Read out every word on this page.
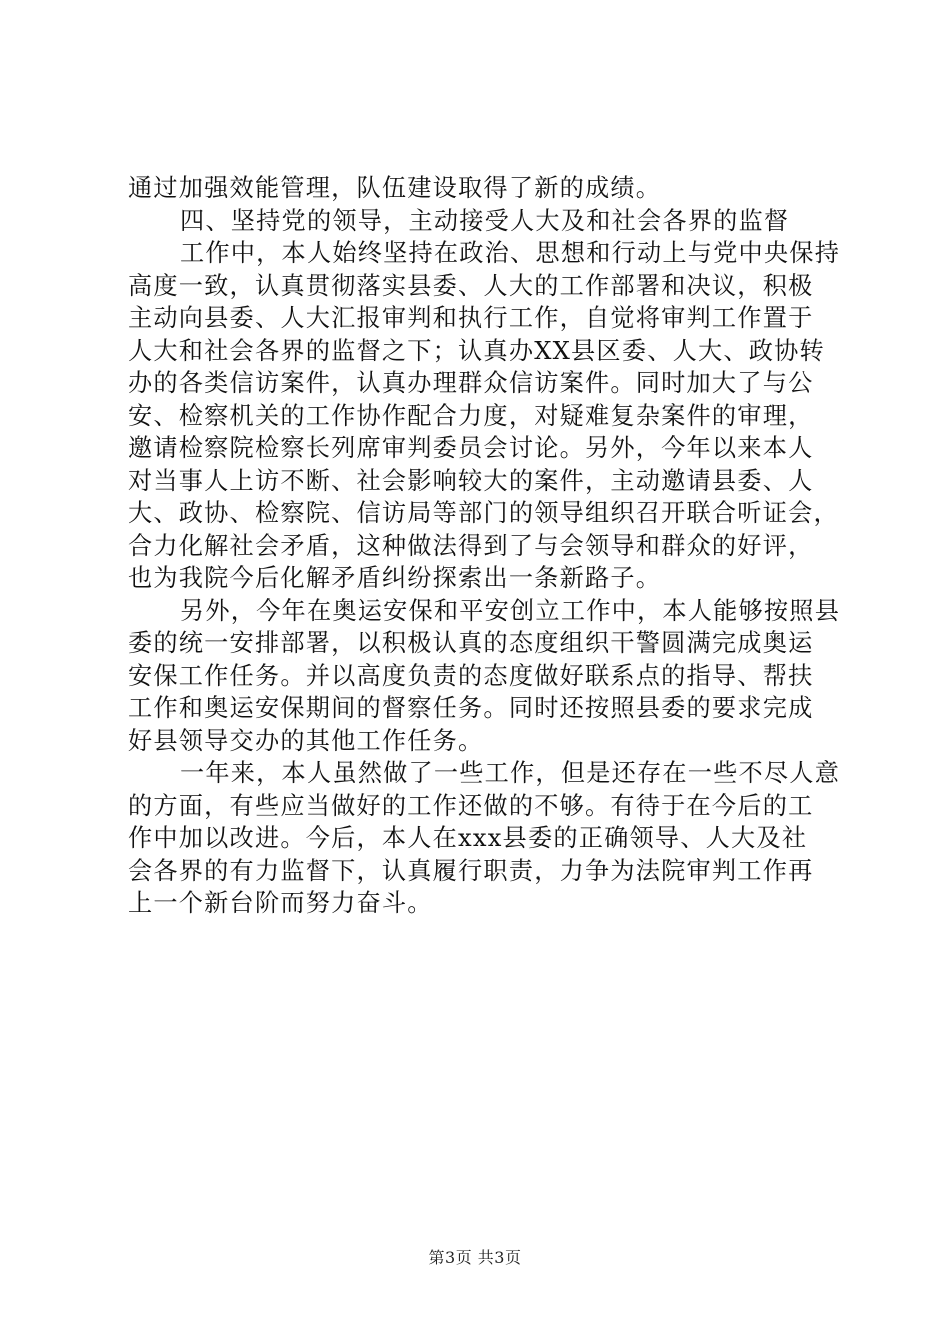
通过加强效能管理，队伍建设取得了新的成绩。
四、坚持党的领导，主动接受人大及和社会各界的监督
工作中，本人始终坚持在政治、思想和行动上与党中央保持
高度一致，认真贯彻落实县委、人大的工作部署和决议，积极
主动向县委、人大汇报审判和执行工作，自觉将审判工作置于
人大和社会各界的监督之下；认真办XX县区委、人大、政协转
办的各类信访案件，认真办理群众信访案件。同时加大了与公
安、检察机关的工作协作配合力度，对疑难复杂案件的审理，
邀请检察院检察长列席审判委员会讨论。另外，今年以来本人
对当事人上访不断、社会影响较大的案件，主动邀请县委、人
大、政协、检察院、信访局等部门的领导组织召开联合听证会，
合力化解社会矛盾，这种做法得到了与会领导和群众的好评，
也为我院今后化解矛盾纠纷探索出一条新路子。
另外，今年在奥运安保和平安创立工作中，本人能够按照县
委的统一安排部署，以积极认真的态度组织干警圆满完成奥运
安保工作任务。并以高度负责的态度做好联系点的指导、帮扶
工作和奥运安保期间的督察任务。同时还按照县委的要求完成
好县领导交办的其他工作任务。
一年来，本人虽然做了一些工作，但是还存在一些不尽人意
的方面，有些应当做好的工作还做的不够。有待于在今后的工
作中加以改进。今后，本人在xxx县委的正确领导、人大及社
会各界的有力监督下，认真履行职责，力争为法院审判工作再
上一个新台阶而努力奋斗。
第3页 共3页
